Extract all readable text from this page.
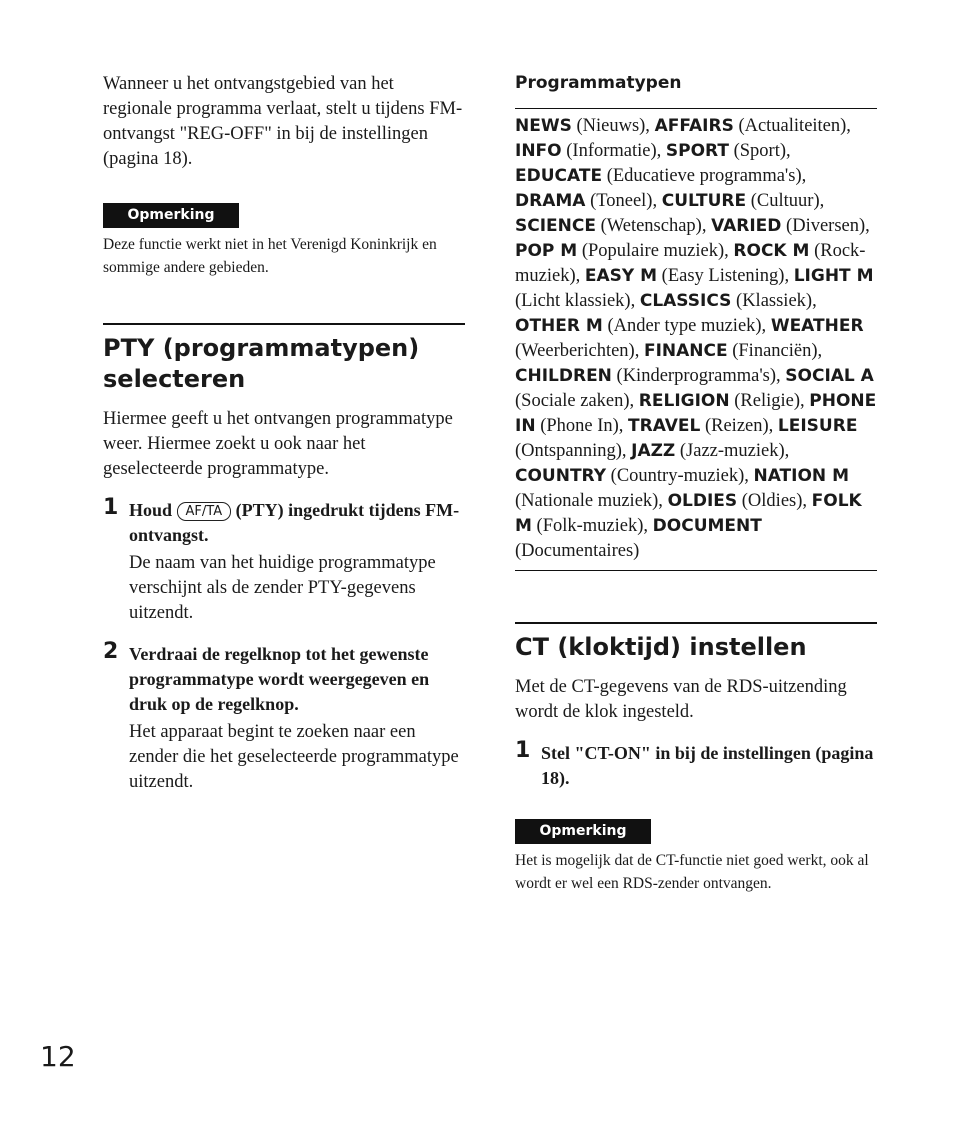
Wanneer u het ontvangstgebied van het regionale programma verlaat, stelt u tijdens FM-ontvangst "REG-OFF" in bij de instellingen (pagina 18).

Opmerking

Deze functie werkt niet in het Verenigd Koninkrijk en sommige andere gebieden.

PTY (programmatypen) selecteren

Hiermee geeft u het ontvangen programmatype weer. Hiermee zoekt u ook naar het geselecteerde programmatype.

1 Houd AF/TA (PTY) ingedrukt tijdens FM-ontvangst.

De naam van het huidige programmatype verschijnt als de zender PTY-gegevens uitzendt.

2 Verdraai de regelknop tot het gewenste programmatype wordt weergegeven en druk op de regelknop.

Het apparaat begint te zoeken naar een zender die het geselecteerde programmatype uitzendt.

Programmatypen

NEWS (Nieuws), AFFAIRS (Actualiteiten), INFO (Informatie), SPORT (Sport), EDUCATE (Educatieve programma's), DRAMA (Toneel), CULTURE (Cultuur), SCIENCE (Wetenschap), VARIED (Diversen), POP M (Populaire muziek), ROCK M (Rock-muziek), EASY M (Easy Listening), LIGHT M (Licht klassiek), CLASSICS (Klassiek), OTHER M (Ander type muziek), WEATHER (Weerberichten), FINANCE (Financiën), CHILDREN (Kinderprogramma's), SOCIAL A (Sociale zaken), RELIGION (Religie), PHONE IN (Phone In), TRAVEL (Reizen), LEISURE (Ontspanning), JAZZ (Jazz-muziek), COUNTRY (Country-muziek), NATION M (Nationale muziek), OLDIES (Oldies), FOLK M (Folk-muziek), DOCUMENT (Documentaires)

CT (kloktijd) instellen

Met de CT-gegevens van de RDS-uitzending wordt de klok ingesteld.

1 Stel "CT-ON" in bij de instellingen (pagina 18).

Opmerking

Het is mogelijk dat de CT-functie niet goed werkt, ook al wordt er wel een RDS-zender ontvangen.

12
